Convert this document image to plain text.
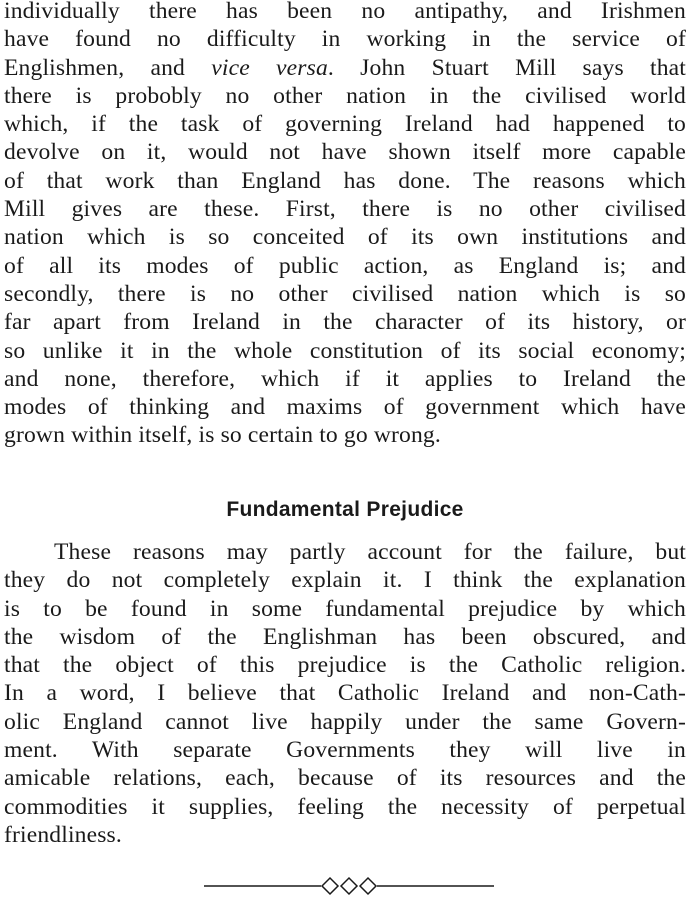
individually there has been no antipathy, and Irishmen
have found no difficulty in working in the service of
Englishmen, and vice versa. John Stuart Mill says that
there is probobly no other nation in the civilised world
which, if the task of governing Ireland had happened to
devolve on it, would not have shown itself more capable
of that work than England has done. The reasons which
Mill gives are these. First, there is no other civilised
nation which is so conceited of its own institutions and
of all its modes of public action, as England is; and
secondly, there is no other civilised nation which is so
far apart from Ireland in the character of its history, or
so unlike it in the whole constitution of its social economy;
and none, therefore, which if it applies to Ireland the
modes of thinking and maxims of government which have
grown within itself, is so certain to go wrong.
Fundamental Prejudice
These reasons may partly account for the failure, but
they do not completely explain it. I think the explanation
is to be found in some fundamental prejudice by which
the wisdom of the Englishman has been obscured, and
that the object of this prejudice is the Catholic religion.
In a word, I believe that Catholic Ireland and non-Cath-
olic England cannot live happily under the same Govern-
ment. With separate Governments they will live in
amicable relations, each, because of its resources and the
commodities it supplies, feeling the necessity of perpetual
friendliness.
